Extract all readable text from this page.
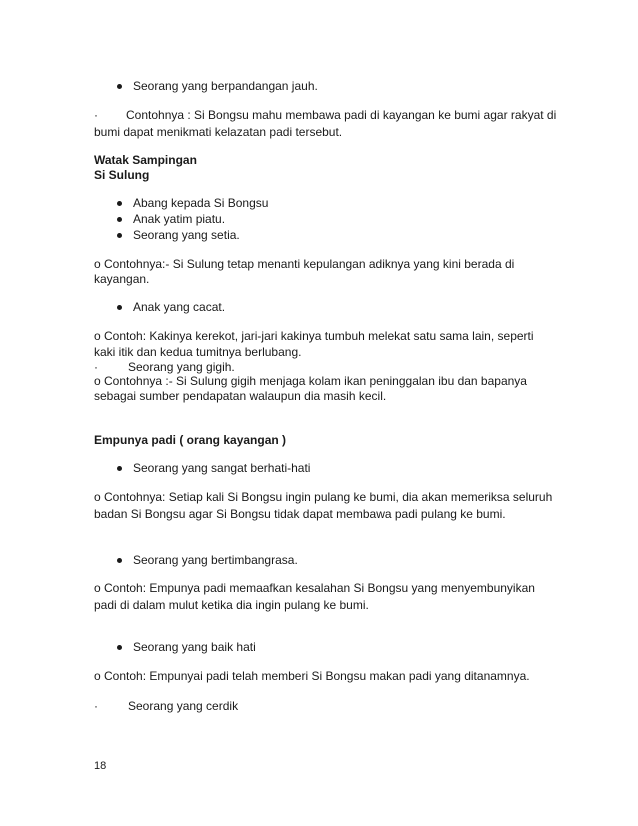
Seorang yang berpandangan jauh.
· Contohnya : Si Bongsu mahu membawa padi di kayangan ke bumi agar rakyat di
bumi dapat menikmati kelazatan padi tersebut.
Watak Sampingan
Si Sulung
Abang kepada Si Bongsu
Anak yatim piatu.
Seorang yang setia.
o Contohnya:- Si Sulung tetap menanti kepulangan adiknya yang kini berada di
kayangan.
Anak yang cacat.
o Contoh: Kakinya kerekot, jari-jari kakinya tumbuh melekat satu sama lain, seperti
kaki itik dan kedua tumitnya berlubang.
·	Seorang yang gigih.
o Contohnya :- Si Sulung gigih menjaga kolam ikan peninggalan ibu dan bapanya
sebagai sumber pendapatan walaupun dia masih kecil.
Empunya padi ( orang kayangan )
Seorang yang sangat berhati-hati
o Contohnya: Setiap kali Si Bongsu ingin pulang ke bumi, dia akan memeriksa seluruh
badan Si Bongsu agar Si Bongsu tidak dapat membawa padi pulang ke bumi.
Seorang yang bertimbangrasa.
o Contoh: Empunya padi memaafkan kesalahan Si Bongsu yang menyembunyikan
padi di dalam mulut ketika dia ingin pulang ke bumi.
Seorang yang baik hati
o Contoh: Empunyai padi telah memberi Si Bongsu makan padi yang ditanamnya.
·	Seorang yang cerdik
18
